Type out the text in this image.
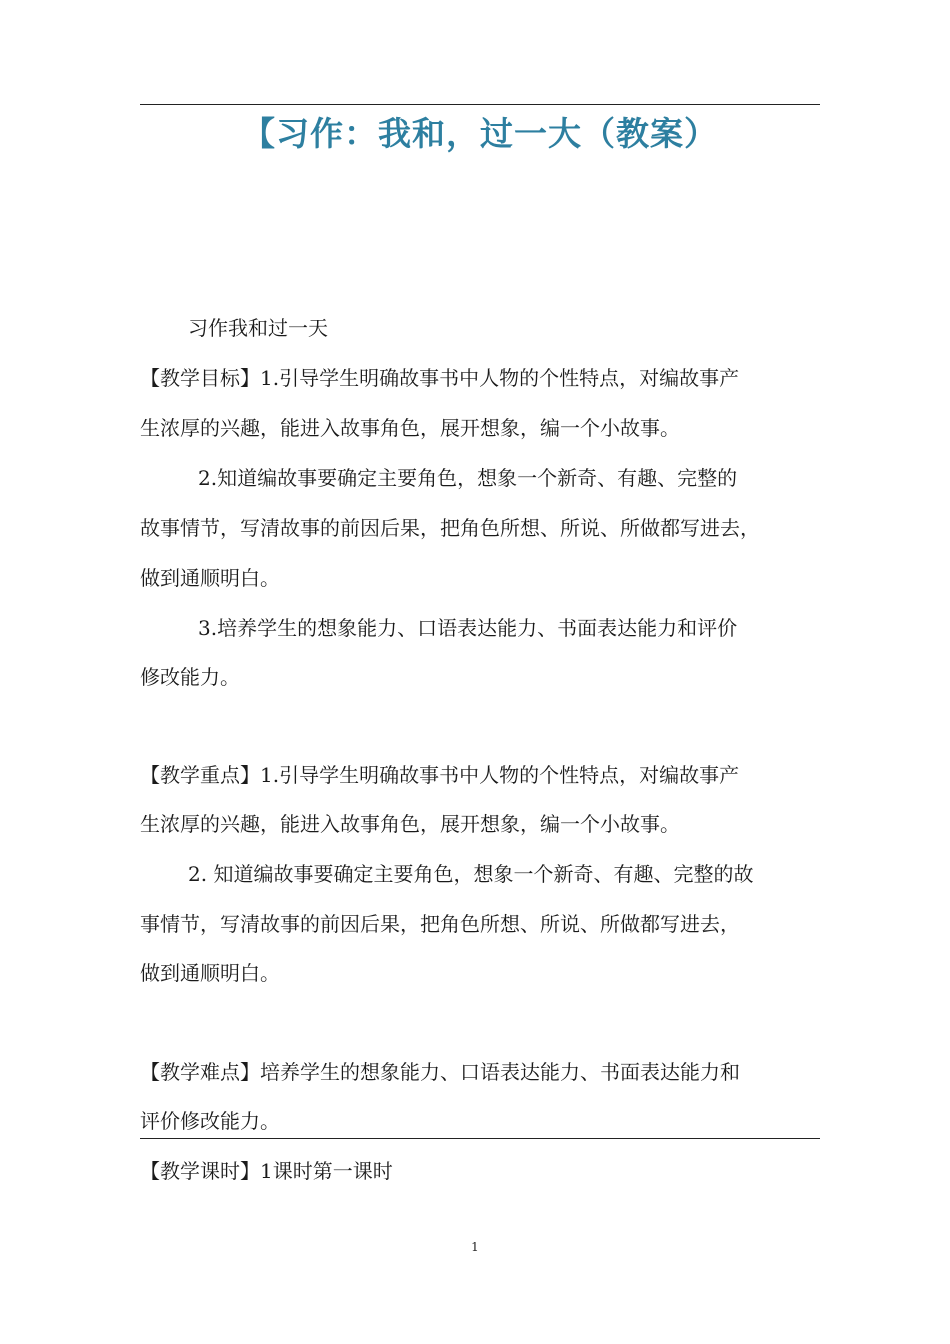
【习作：我和，过一大（教案）
习作我和过一天
【教学目标】1.引导学生明确故事书中人物的个性特点，对编故事产
生浓厚的兴趣，能进入故事角色，展开想象，编一个小故事。
2.知道编故事要确定主要角色，想象一个新奇、有趣、完整的
故事情节，写清故事的前因后果，把角色所想、所说、所做都写进去，
做到通顺明白。
3.培养学生的想象能力、口语表达能力、书面表达能力和评价
修改能力。
【教学重点】1.引导学生明确故事书中人物的个性特点，对编故事产
生浓厚的兴趣，能进入故事角色，展开想象，编一个小故事。
2. 知道编故事要确定主要角色，想象一个新奇、有趣、完整的故
事情节，写清故事的前因后果，把角色所想、所说、所做都写进去，
做到通顺明白。
【教学难点】培养学生的想象能力、口语表达能力、书面表达能力和
评价修改能力。
【教学课时】1课时第一课时
1
